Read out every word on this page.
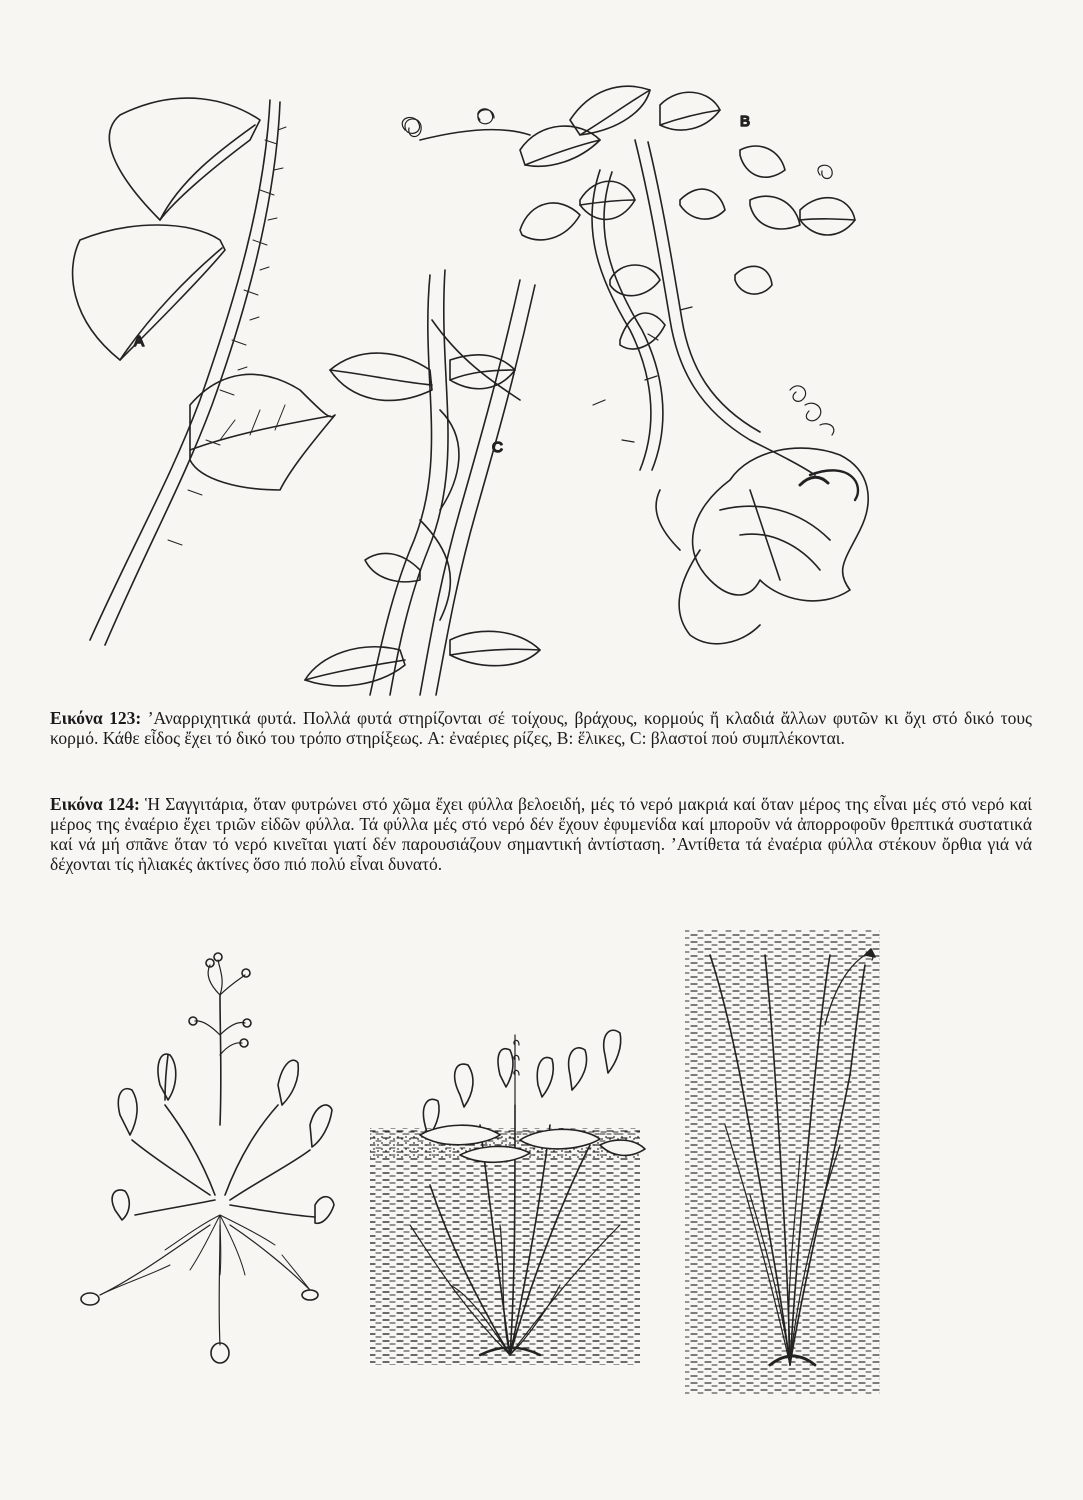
A
C
B
Εικόνα 123: ’Αναρριχητικά φυτά. Πολλά φυτά στηρίζονται σέ τοίχους, βράχους, κορμούς ἤ κλαδιά ἄλλων φυτῶν κι ὄχι στό δικό τους κορμό. Κάθε εἶδος ἔχει τό δικό του τρόπο στηρίξεως. A: ἐναέριες ρίζες, B: ἕλικες, C: βλαστοί πού συμπλέκονται.
Εικόνα 124: Ἡ Σαγγιτάρια, ὅταν φυτρώνει στό χῶμα ἔχει φύλλα βελοειδή, μές τό νερό μακριά καί ὅταν μέρος της εἶναι μές στό νερό καί μέρος της ἐναέριο ἔχει τριῶν εἰδῶν φύλλα. Τά φύλλα μές στό νερό δέν ἔχουν ἐφυμενίδα καί μποροῦν νά ἀπορροφοῦν θρεπτικά συστατικά καί νά μή σπᾶνε ὅταν τό νερό κινεῖται γιατί δέν παρουσιάζουν σημαντική ἀντίσταση. ’Αντίθετα τά ἐναέρια φύλλα στέκουν ὄρθια γιά νά δέχονται τίς ἡλιακές ἀκτίνες ὅσο πιό πολύ εἶναι δυνατό.
